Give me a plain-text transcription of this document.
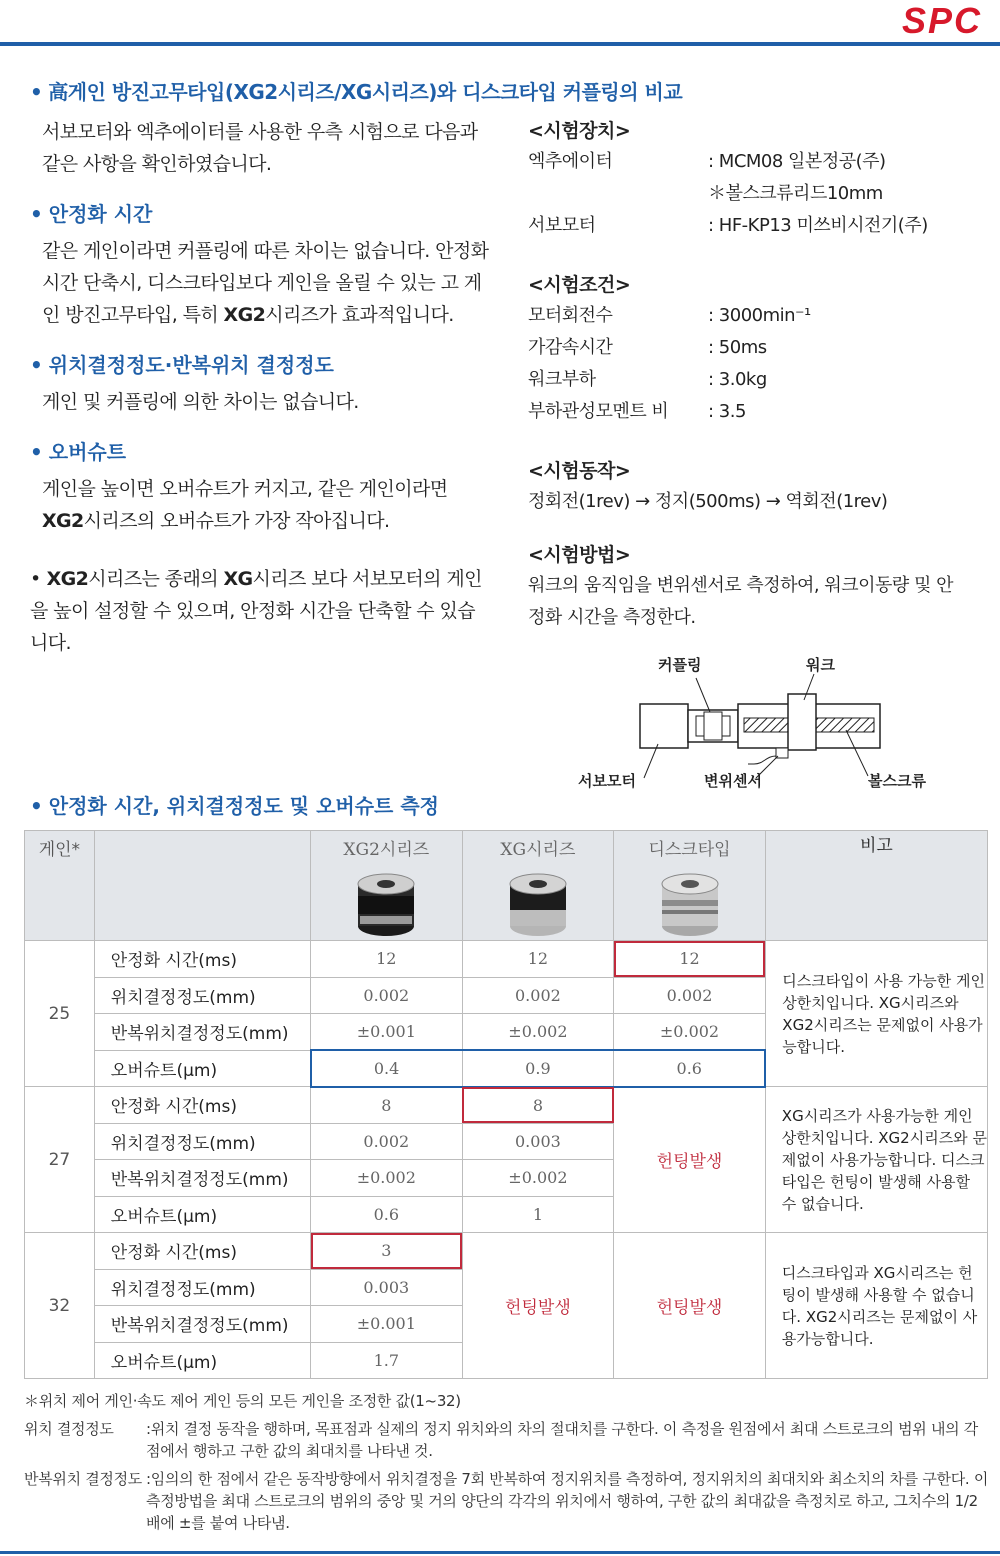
SPC
• 高게인 방진고무타입(XG2시리즈/XG시리즈)와 디스크타입 커플링의 비교

서보모터와 엑추에이터를 사용한 우측 시험으로 다음과 같은 사항을 확인하였습니다.

• 안정화 시간

같은 게인이라면 커플링에 따른 차이는 없습니다. 안정화 시간 단축시, 디스크타입보다 게인을 올릴 수 있는 고 게인 방진고무타입, 특히 XG2시리즈가 효과적입니다.

• 위치결정정도·반복위치 결정정도

게인 및 커플링에 의한 차이는 없습니다.

• 오버슈트

게인을 높이면 오버슈트가 커지고, 같은 게인이라면 XG2시리즈의 오버슈트가 가장 작아집니다.

• XG2시리즈는 종래의 XG시리즈 보다 서보모터의 게인을 높이 설정할 수 있으며, 안정화 시간을 단축할 수 있습니다.

<시험장치>
엑추에이터	: MCM08 일본정공(주)
＊볼스크류리드10mm
서보모터	: HF-KP13 미쓰비시전기(주)
<시험조건>
모터회전수	: 3000min⁻¹
가감속시간	: 50ms
워크부하	: 3.0kg
부하관성모멘트 비	: 3.5
<시험동작>
정회전(1rev) → 정지(500ms) → 역회전(1rev)
<시험방법>
워크의 움직임을 변위센서로 측정하여, 워크이동량 및 안정화 시간을 측정한다.
커플링	워크
서보모터	변위센서	볼스크류
• 안정화 시간, 위치결정정도 및 오버슈트 측정
게인*		XG2시리즈	XG시리즈	디스크타입	비고
25	안정화 시간(ms)	12	12	12	디스크타입이 사용 가능한 게인상한치입니다. XG시리즈와 XG2시리즈는 문제없이 사용가능합니다.
	위치결정정도(mm)	0.002	0.002	0.002	
	반복위치결정정도(mm)	±0.001	±0.002	±0.002	
	오버슈트(μm)	0.4	0.9	0.6	
27	안정화 시간(ms)	8	8	헌팅발생	XG시리즈가 사용가능한 게인상한치입니다. XG2시리즈와 문제없이 사용가능합니다. 디스크타입은 헌팅이 발생해 사용할 수 없습니다.
	위치결정정도(mm)	0.002	0.003		
	반복위치결정정도(mm)	±0.002	±0.002		
	오버슈트(μm)	0.6	1		
32	안정화 시간(ms)	3	헌팅발생	헌팅발생	디스크타입과 XG시리즈는 헌팅이 발생해 사용할 수 없습니다. XG2시리즈는 문제없이 사용가능합니다.
	위치결정정도(mm)	0.003			
	반복위치결정정도(mm)	±0.001			
	오버슈트(μm)	1.7			
＊위치 제어 게인·속도 제어 게인 등의 모든 게인을 조정한 값(1~32)
위치 결정정도	:위치 결정 동작을 행하며, 목표점과 실제의 정지 위치와의 차의 절대치를 구한다. 이 측정을 원점에서 최대 스트로크의 범위 내의 각 점에서 행하고 구한 값의 최대치를 나타낸 것.
반복위치 결정정도 :임의의 한 점에서 같은 동작방향에서 위치결정을 7회 반복하여 정지위치를 측정하여, 정지위치의 최대치와 최소치의 차를 구한다. 이 측정방법을 최대 스트로크의 범위의 중앙 및 거의 양단의 각각의 위치에서 행하여, 구한 값의 최대값을 측정치로 하고, 그치수의 1/2 배에 ±를 붙여 나타냄.
